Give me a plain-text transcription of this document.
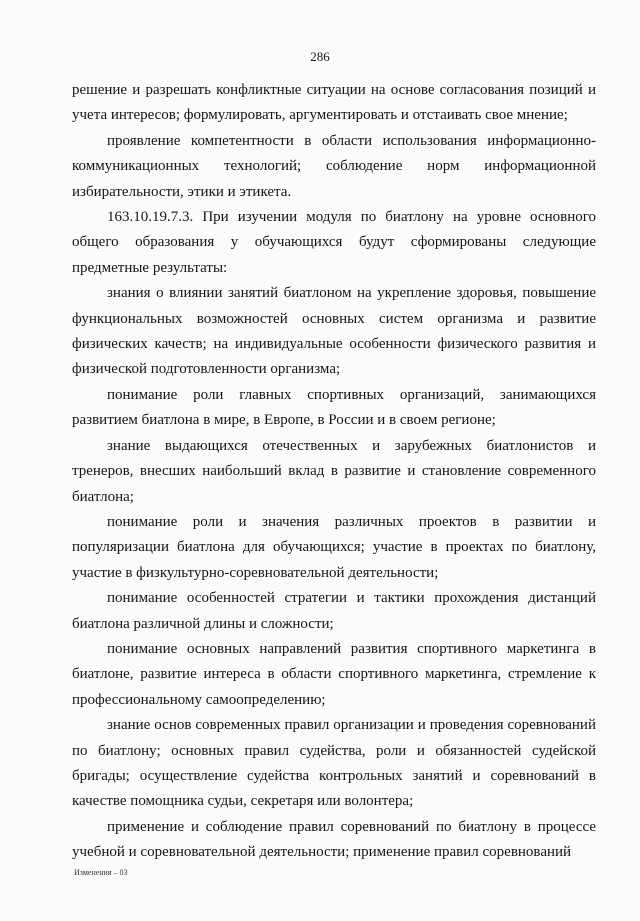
286

решение и разрешать конфликтные ситуации на основе согласования позиций и учета интересов; формулировать, аргументировать и отстаивать свое мнение;

проявление компетентности в области использования информационно-коммуникационных технологий; соблюдение норм информационной избирательности, этики и этикета.

163.10.19.7.3. При изучении модуля по биатлону на уровне основного общего образования у обучающихся будут сформированы следующие предметные результаты:

знания о влиянии занятий биатлоном на укрепление здоровья, повышение функциональных возможностей основных систем организма и развитие физических качеств; на индивидуальные особенности физического развития и физической подготовленности организма;

понимание роли главных спортивных организаций, занимающихся развитием биатлона в мире, в Европе, в России и в своем регионе;

знание выдающихся отечественных и зарубежных биатлонистов и тренеров, внесших наибольший вклад в развитие и становление современного биатлона;

понимание роли и значения различных проектов в развитии и популяризации биатлона для обучающихся; участие в проектах по биатлону, участие в физкультурно-соревновательной деятельности;

понимание особенностей стратегии и тактики прохождения дистанций биатлона различной длины и сложности;

понимание основных направлений развития спортивного маркетинга в биатлоне, развитие интереса в области спортивного маркетинга, стремление к профессиональному самоопределению;

знание основ современных правил организации и проведения соревнований по биатлону; основных правил судейства, роли и обязанностей судейской бригады; осуществление судейства контрольных занятий и соревнований в качестве помощника судьи, секретаря или волонтера;

применение и соблюдение правил соревнований по биатлону в процессе учебной и соревновательной деятельности; применение правил соревнований

Изменения – 03
